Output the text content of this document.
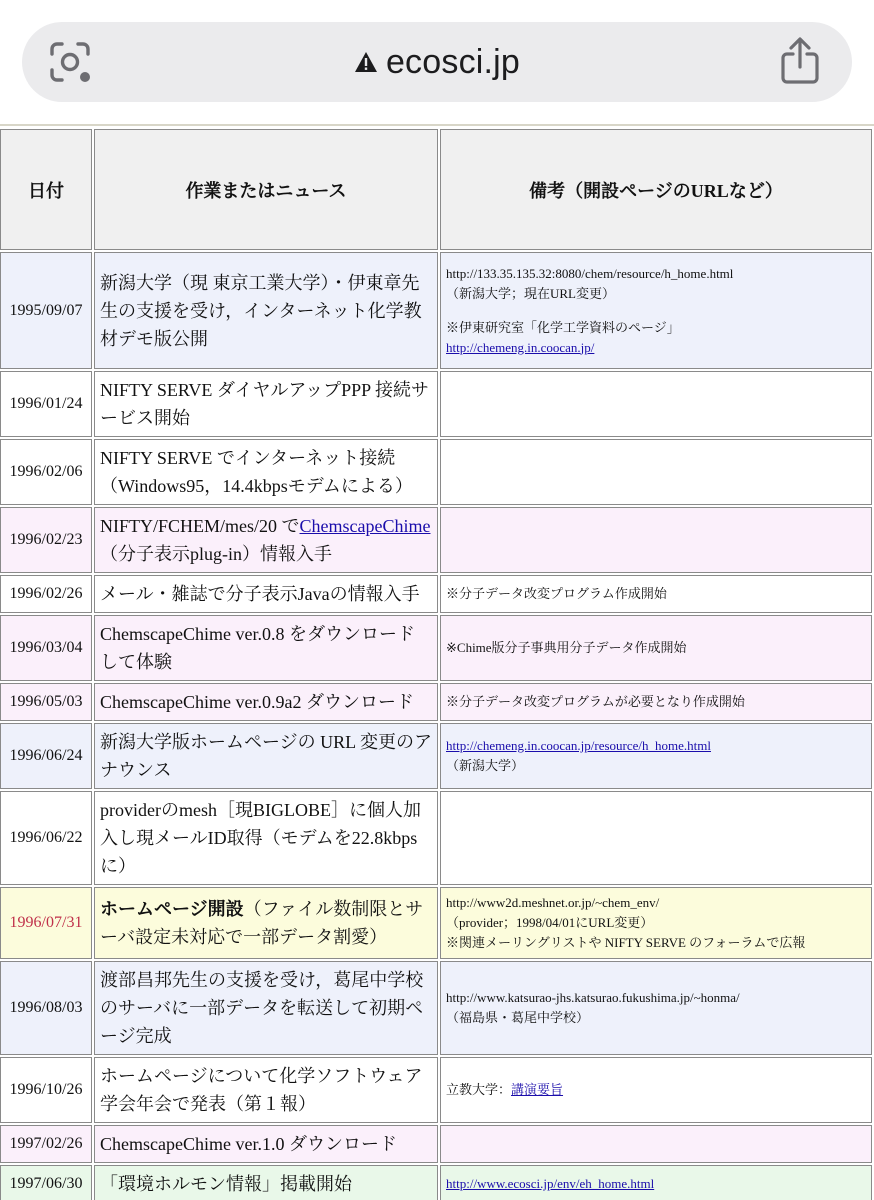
ecosci.jp
日付	作業またはニュース	備考（開設ページのURLなど）
1995/09/07	新潟大学（現 東京工業大学）・伊東章先生の支援を受け，インターネット化学教材デモ版公開	http://133.35.135.32:8080/chem/resource/h_home.html
（新潟大学；現在URL変更）
※伊東研究室「化学工学資料のページ」
http://chemeng.in.coocan.jp/
1996/01/24	NIFTY SERVE ダイヤルアップPPP 接続サービス開始	
1996/02/06	NIFTY SERVE でインターネット接続（Windows95，14.4kbpsモデムによる）	
1996/02/23	NIFTY/FCHEM/mes/20 でChemscapeChime
（分子表示plug-in）情報入手	
1996/02/26	メール・雑誌で分子表示Javaの情報入手	※分子データ改変プログラム作成開始
1996/03/04	ChemscapeChime ver.0.8 をダウンロードして体験	※Chime版分子事典用分子データ作成開始
1996/05/03	ChemscapeChime ver.0.9a2 ダウンロード	※分子データ改変プログラムが必要となり作成開始
1996/06/24	新潟大学版ホームページの URL 変更のアナウンス	http://chemeng.in.coocan.jp/resource/h_home.html
（新潟大学）

1996/06/22	providerのmesh［現BIGLOBE］に個人加入し現メールID取得（モデムを22.8kbpsに）	
1996/07/31	ホームページ開設（ファイル数制限とサーバ設定未対応で一部データ割愛）	http://www2d.meshnet.or.jp/~chem_env/
（provider；1998/04/01にURL変更）
※関連メーリングリストや NIFTY SERVE のフォーラムで広報

1996/08/03	渡部昌邦先生の支援を受け，葛尾中学校のサーバに一部データを転送して初期ページ完成	http://www.katsurao-jhs.katsurao.fukushima.jp/~honma/
（福島県・葛尾中学校）

1996/10/26	ホームページについて化学ソフトウェア学会年会で発表（第１報）	立教大学：講演要旨
1997/02/26	ChemscapeChime ver.1.0 ダウンロード	
1997/06/30	「環境ホルモン情報」掲載開始	http://www.ecosci.jp/env/eh_home.html
